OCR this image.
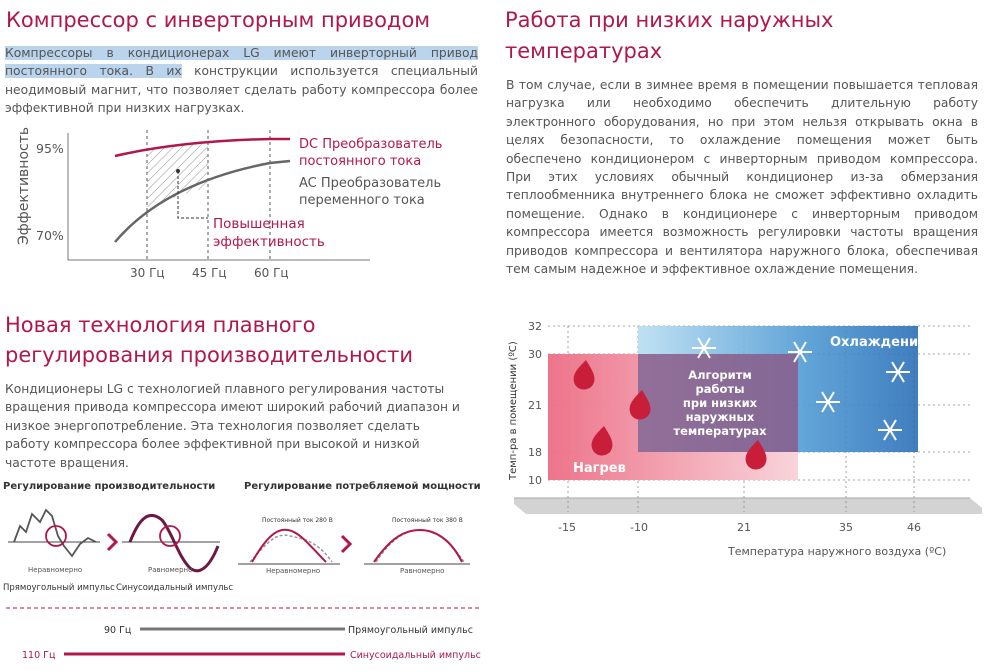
Компрессор с инверторным приводом

Компрессоры в кондиционерах LG имеют инверторный привод постоянного тока. В их конструкции используется специальный неодимовый магнит, что позволяет сделать работу компрессора более эффективной при низких нагрузках.

Эффективность 95%
70%
30 Гц 45 Гц 60 Гц
DC Преобразователь
постоянного тока
AC Преобразователь
переменного тока
Повышенная
эффективность
Новая технология плавного
регулирования производительности

Кондиционеры LG с технологией плавного регулирования частоты вращения привода компрессора имеют широкий рабочий диапазон и низкое энергопотребление. Эта технология позволяет сделать работу компрессора более эффективной при высокой и низкой частоте вращения.

Регулирование производительности	Регулирование потребляемой мощности
Неравномерно
Прямоугольный импульс
Равномерно
Синусоидальный импульс
Постоянный ток 280 В
Неравномерно
Постоянный ток 380 В
Равномерно
90 Гц	Прямоугольный импульс
110 Гц	Синусоидальный импульс
Работа при низких наружных
температурах

В том случае, если в зимнее время в помещении повышается тепловая нагрузка или необходимо обеспечить длительную работу электронного оборудования, но при этом нельзя открывать окна в целях безопасности, то охлаждение помещения может быть обеспечено кондиционером с инверторным приводом компрессора. При этих условиях обычный кондиционер из-за обмерзания теплообменника внутреннего блока не сможет эффективно охладить помещение. Однако в кондиционере с инверторным приводом компрессора имеется возможность регулировки частоты вращения приводов компрессора и вентилятора наружного блока, обеспечивая тем самым надежное и эффективное охлаждение помещения.

32
30
21
18
10
Темп-ра в помещении (ºC)
-15	-10	21	35	46
Температура наружного воздуха (ºC)
Охлаждение
Нагрев
Алгоритм
работы
при низких
наружных
температурах
